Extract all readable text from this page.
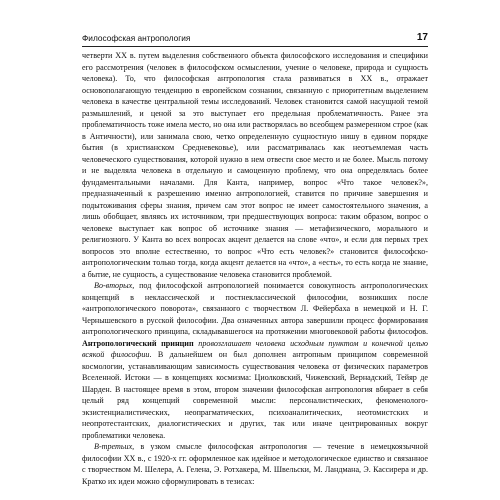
Философская антропология	17

четверти XX в. путем выделения собственного объекта философского исследования и специфики его рассмотрения (человек в философском осмыслении, учение о человеке, природа и сущность человека). То, что философская антропология стала развиваться в XX в., отражает основополагающую тенденцию в европейском сознании, связанную с приоритетным выделением человека в качестве центральной темы исследований. Человек становится самой насущной темой размышлений, и ценой за это выступает его предельная проблематичность. Ранее эта проблематичность тоже имела место, но она или растворялась во всеобщем размеренном строе (как в Античности), или занимала свою, четко определенную сущностную нишу в едином порядке бытия (в христианском Средневековье), или рассматривалась как неотъемлемая часть человеческого существования, которой нужно в нем отвести свое место и не более. Мысль потому и не выделяла человека в отдельную и самоценную проблему, что она определялась более фундаментальными началами. Для Канта, например, вопрос «Что такое человек?», предназначенный к разрешению именно антропологией, ставится по причине завершения и подытоживания сферы знания, причем сам этот вопрос не имеет самостоятельного значения, а лишь обобщает, являясь их источником, три предшествующих вопроса: таким образом, вопрос о человеке выступает как вопрос об источнике знания — метафизического, морального и религиозного. У Канта во всех вопросах акцент делается на слове «что», и если для первых трех вопросов это вполне естественно, то вопрос «Что есть человек?» становится философско-антропологическим только тогда, когда акцент делается на «что», а «есть», то есть когда не знание, а бытие, не сущность, а существование человека становится проблемой.

Во-вторых, под философской антропологией понимается совокупность антропологических концепций в неклассической и постнеклассической философии, возникших после «антропологического поворота», связанного с творчеством Л. Фейербаха в немецкой и Н. Г. Чернышевского в русской философии. Два означенных автора завершили процесс формирования антропологического принципа, складывавшегося на протяжении многовековой работы философов. Антропологический принцип провозглашает человека исходным пунктом и конечной целью всякой философии. В дальнейшем он был дополнен антропным принципом современной космологии, устанавливающим зависимость существования человека от физических параметров Вселенной. Истоки — в концепциях космизма: Циолковский, Чижевский, Вернадский, Тейяр де Шарден. В настоящее время в этом, втором значении философская антропология вбирает в себя целый ряд концепций современной мысли: персоналистических, феноменолого-экзистенциалистических, неопрагматических, психоаналитических, неотомистских и неопротестантских, диалогистических и других, так или иначе центрированных вокруг проблематики человека.

В-третьих, в узком смысле философская антропология — течение в немецкоязычной философии XX в., с 1920-х гг. оформленное как идейное и методологическое единство и связанное с творчеством М. Шелера, А. Гелена, Э. Ротхакера, М. Швельски, М. Ландмана, Э. Кассирера и др. Кратко их идеи можно сформулировать в тезисах:
